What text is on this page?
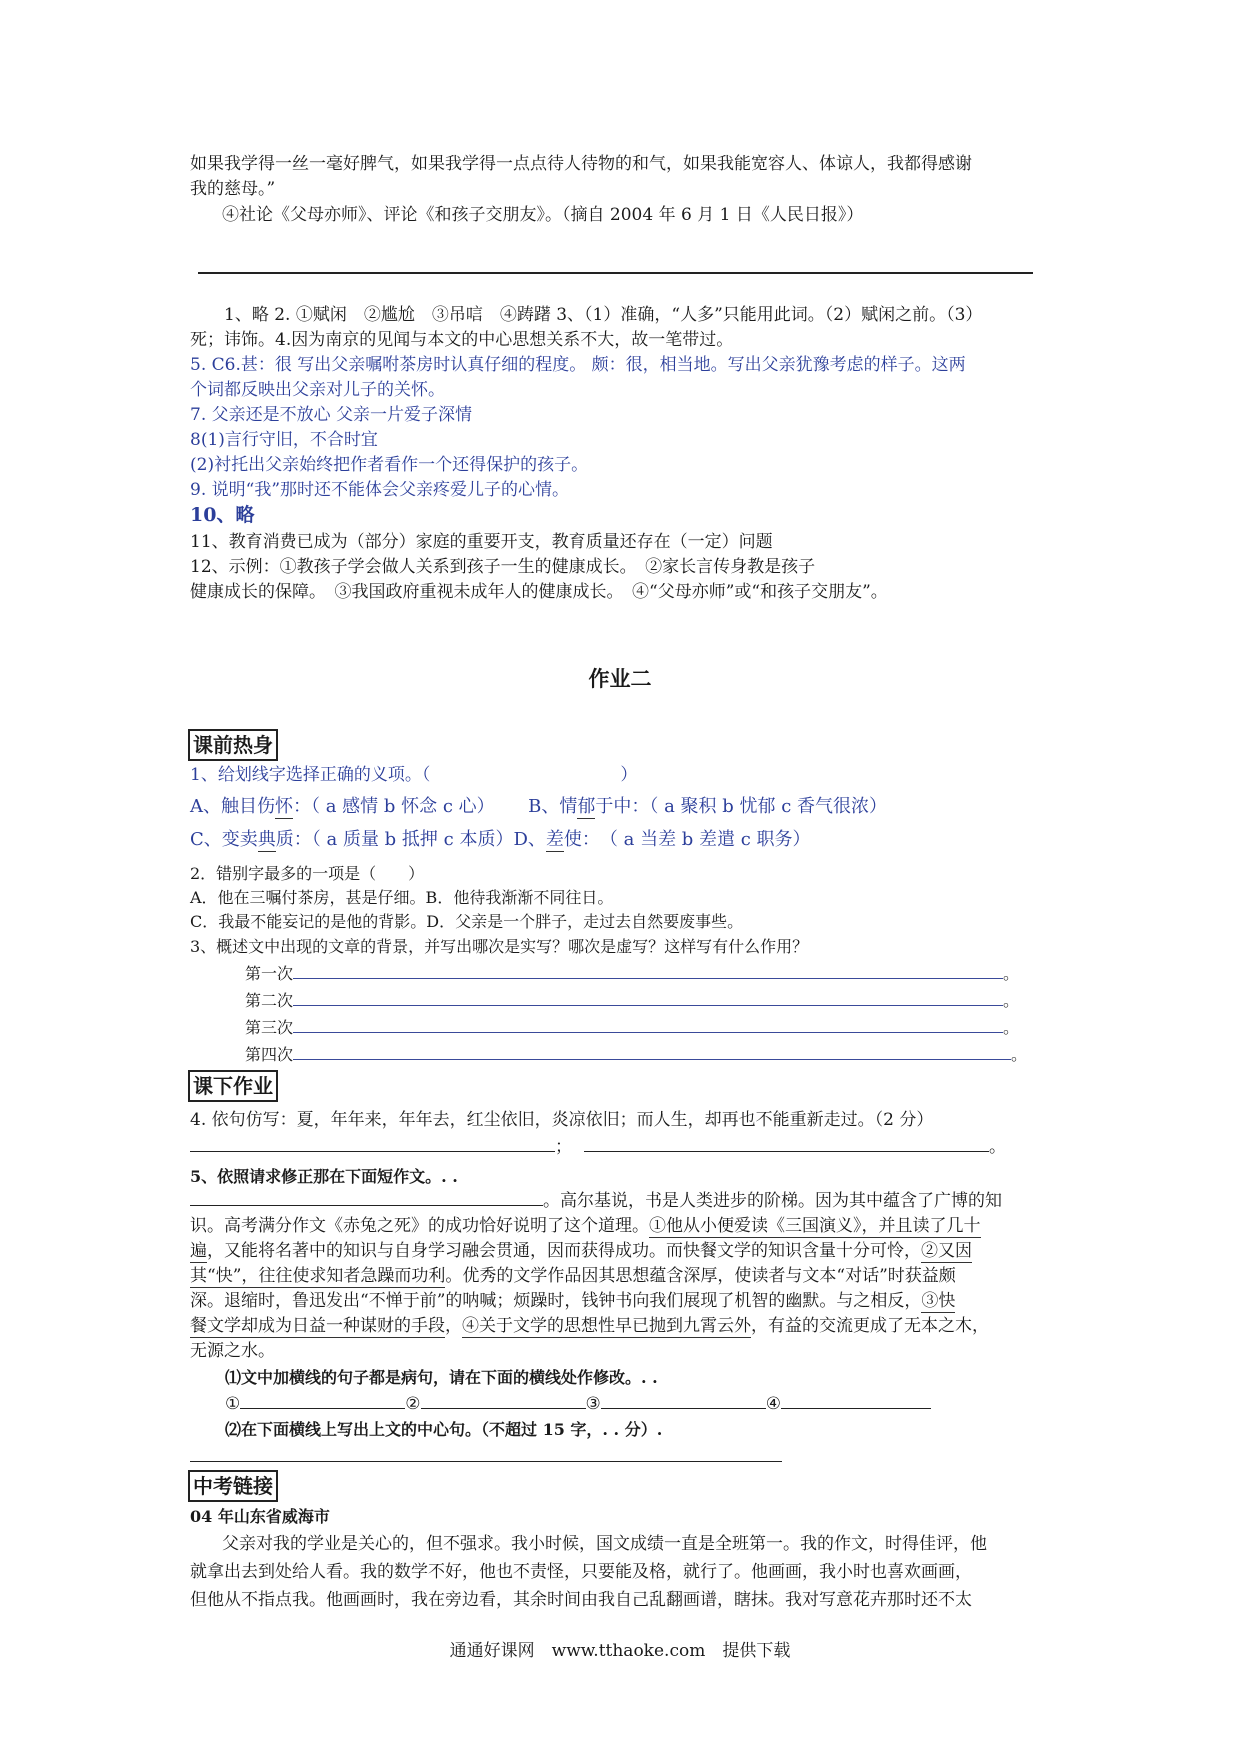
如果我学得一丝一毫好脾气，如果我学得一点点待人待物的和气，如果我能宽容人、体谅人，我都得感谢
我的慈母。”
④社论《父母亦师》、评论《和孩子交朋友》。（摘自 2004 年 6 月 1 日《人民日报》）
1、略 2. ①赋闲　②尴尬　③吊唁　④踌躇 3、（1）准确，“人多”只能用此词。（2）赋闲之前。（3）
死；讳饰。4.因为南京的见闻与本文的中心思想关系不大，故一笔带过。
5. C6.甚：很 写出父亲嘱咐茶房时认真仔细的程度。 颇：很，相当地。写出父亲犹豫考虑的样子。这两
个词都反映出父亲对儿子的关怀。
7. 父亲还是不放心 父亲一片爱子深情
8(1)言行守旧，不合时宜
(2)衬托出父亲始终把作者看作一个还得保护的孩子。
9. 说明“我”那时还不能体会父亲疼爱儿子的心情。
10、略
11、教育消费已成为（部分）家庭的重要开支，教育质量还存在（一定）问题
12、示例：①教孩子学会做人关系到孩子一生的健康成长。　②家长言传身教是孩子
健康成长的保障。　③我国政府重视未成年人的健康成长。　④“父母亦师”或“和孩子交朋友”。
作业二
课前热身
1、给划线字选择正确的义项。（	）
A、触目伤怀：（ a 感情 b 怀念 c 心） B、情郁于中：（ a 聚积 b 忧郁 c 香气很浓）
C、变卖典质：（ a 质量 b 抵押 c 本质）D、差使：　（ a 当差 b 差遣 c 职务）
2．错别字最多的一项是（　　）
A．他在三嘱付茶房，甚是仔细。B．他待我渐渐不同往日。
C．我最不能妄记的是他的背影。D．父亲是一个胖子，走过去自然要废事些。
3、概述文中出现的文章的背景，并写出哪次是实写？哪次是虚写？这样写有什么作用？
第一次	。
第二次	。
第三次	。
第四次	。
课下作业
4. 依句仿写：夏，年年来，年年去，红尘依旧，炎凉依旧；而人生，却再也不能重新走过。（2 分）
；	。
5、依照请求修正那在下面短作文。. .
。高尔基说，书是人类进步的阶梯。因为其中蕴含了广博的知
识。高考满分作文《赤兔之死》的成功恰好说明了这个道理。①他从小便爱读《三国演义》，并且读了几十
遍，又能将名著中的知识与自身学习融会贯通，因而获得成功。而快餐文学的知识含量十分可怜，②又因
其“快”，往往使求知者急躁而功利。优秀的文学作品因其思想蕴含深厚，使读者与文本“对话”时获益颇
深。退缩时，鲁迅发出“不惮于前”的呐喊；烦躁时，钱钟书向我们展现了机智的幽默。与之相反，③快
餐文学却成为日益一种谋财的手段，④关于文学的思想性早已抛到九霄云外，有益的交流更成了无本之木，
无源之水。
⑴文中加横线的句子都是病句，请在下面的横线处作修改。. .
①	②	③	④
⑵在下面横线上写出上文的中心句。（不超过 15 字，. . 分）.
中考链接
04 年山东省威海市
父亲对我的学业是关心的，但不强求。我小时候，国文成绩一直是全班第一。我的作文，时得佳评，他
就拿出去到处给人看。我的数学不好，他也不责怪，只要能及格，就行了。他画画，我小时也喜欢画画，
但他从不指点我。他画画时，我在旁边看，其余时间由我自己乱翻画谱，瞎抹。我对写意花卉那时还不太
通通好课网　www.tthaoke.com　提供下载
